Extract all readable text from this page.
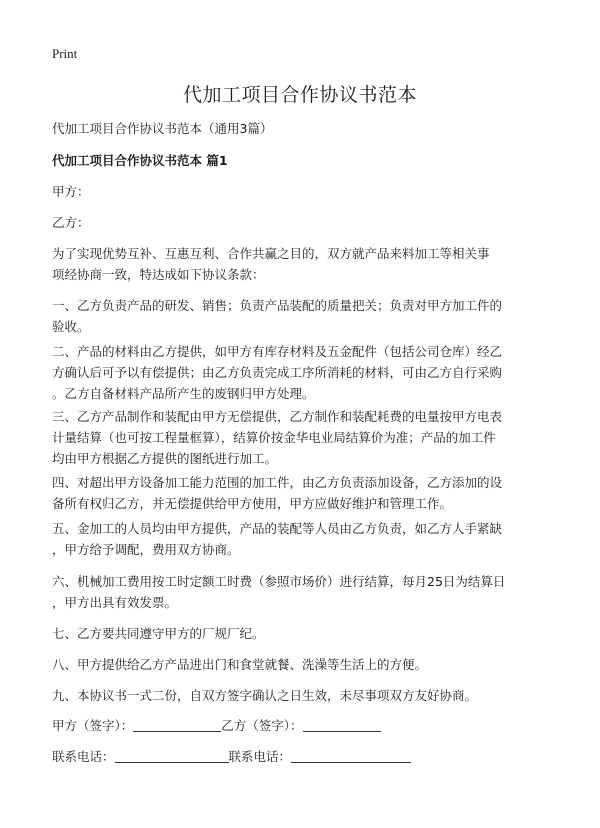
Print
代加工项目合作协议书范本

代加工项目合作协议书范本（通用3篇）

代加工项目合作协议书范本 篇1

甲方：

乙方：

为了实现优势互补、互惠互利、合作共赢之目的，双方就产品来料加工等相关事
项经协商一致，特达成如下协议条款：

一、乙方负责产品的研发、销售；负责产品装配的质量把关；负责对甲方加工件的
验收。

二、产品的材料由乙方提供，如甲方有库存材料及五金配件（包括公司仓库）经乙
方确认后可予以有偿提供；由乙方负责完成工序所消耗的材料，可由乙方自行采购
。乙方自备材料产品所产生的废钢归甲方处理。

三、乙方产品制作和装配由甲方无偿提供，乙方制作和装配耗费的电量按甲方电表
计量结算（也可按工程量框算），结算价按金华电业局结算价为准；产品的加工件
均由甲方根据乙方提供的图纸进行加工。

四、对超出甲方设备加工能力范围的加工件，由乙方负责添加设备，乙方添加的设
备所有权归乙方，并无偿提供给甲方使用，甲方应做好维护和管理工作。

五、金加工的人员均由甲方提供，产品的装配等人员由乙方负责，如乙方人手紧缺
，甲方给予调配，费用双方协商。

六、机械加工费用按工时定额工时费（参照市场价）进行结算，每月25日为结算日
，甲方出具有效发票。

七、乙方要共同遵守甲方的厂规厂纪。

八、甲方提供给乙方产品进出门和食堂就餐、洗澡等生活上的方便。

九、本协议书一式二份，自双方签字确认之日生效，未尽事项双方友好协商。

甲方（签字）：	乙方（签字）：
联系电话：	联系电话：
